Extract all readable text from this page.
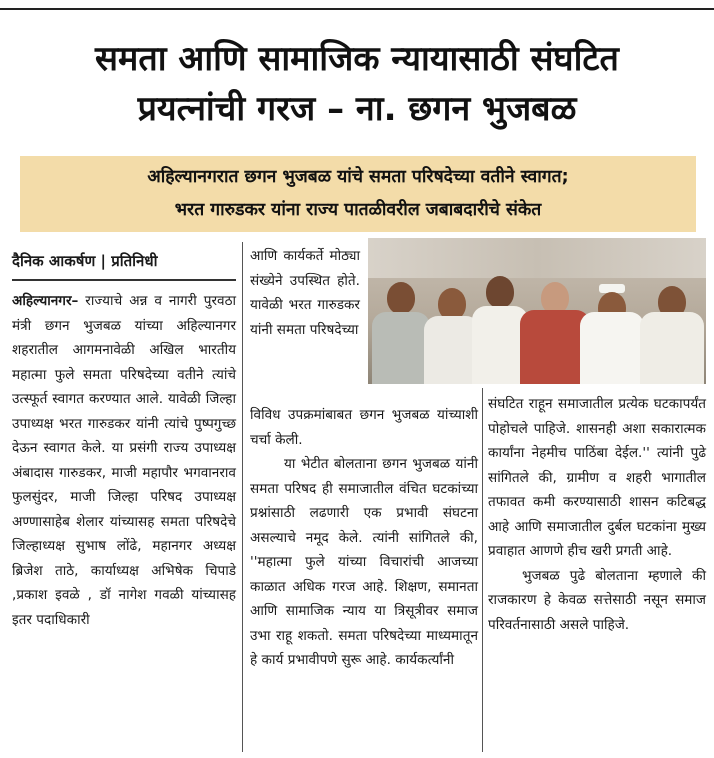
समता आणि सामाजिक न्यायासाठी संघटित
प्रयत्नांची गरज – ना. छगन भुजबळ
अहिल्यानगरात छगन भुजबळ यांचे समता परिषदेच्या वतीने स्वागत;
भरत गारुडकर यांना राज्य पातळीवरील जबाबदारीचे संकेत
दैनिक आकर्षण | प्रतिनिधी

अहिल्यानगर– राज्याचे अन्न व नागरी पुरवठा मंत्री छगन भुजबळ यांच्या अहिल्यानगर शहरातील आगमनावेळी अखिल भारतीय महात्मा फुले समता परिषदेच्या वतीने त्यांचे उत्स्फूर्त स्वागत करण्यात आले. यावेळी जिल्हा उपाध्यक्ष भरत गारुडकर यांनी त्यांचे पुष्पगुच्छ देऊन स्वागत केले. या प्रसंगी राज्य उपाध्यक्ष अंबादास गारुडकर, माजी महापौर भगवानराव फुलसुंदर, माजी जिल्हा परिषद उपाध्यक्ष अण्णासाहेब शेलार यांच्यासह समता परिषदेचे जिल्हाध्यक्ष सुभाष लोंढे, महानगर अध्यक्ष ब्रिजेश ताठे, कार्याध्यक्ष अभिषेक चिपाडे ,प्रकाश इवळे , डॉ नागेश गवळी यांच्यासह इतर पदाधिकारी

आणि कार्यकर्ते मोठ्या संख्येने उपस्थित होते. यावेळी भरत गारुडकर यांनी समता परिषदेच्या

विविध उपक्रमांबाबत छगन भुजबळ यांच्याशी चर्चा केली.

या भेटीत बोलताना छगन भुजबळ यांनी समता परिषद ही समाजातील वंचित घटकांच्या प्रश्नांसाठी लढणारी एक प्रभावी संघटना असल्याचे नमूद केले. त्यांनी सांगितले की, ''महात्मा फुले यांच्या विचारांची आजच्या काळात अधिक गरज आहे. शिक्षण, समानता आणि सामाजिक न्याय या त्रिसूत्रीवर समाज उभा राहू शकतो. समता परिषदेच्या माध्यमातून हे कार्य प्रभावीपणे सुरू आहे. कार्यकर्त्यांनी

संघटित राहून समाजातील प्रत्येक घटकापर्यंत पोहोचले पाहिजे. शासनही अशा सकारात्मक कार्यांना नेहमीच पाठिंबा देईल.'' त्यांनी पुढे सांगितले की, ग्रामीण व शहरी भागातील तफावत कमी करण्यासाठी शासन कटिबद्ध आहे आणि समाजातील दुर्बल घटकांना मुख्य प्रवाहात आणणे हीच खरी प्रगती आहे.

भुजबळ पुढे बोलताना म्हणाले की राजकारण हे केवळ सत्तेसाठी नसून समाज परिवर्तनासाठी असले पाहिजे.
